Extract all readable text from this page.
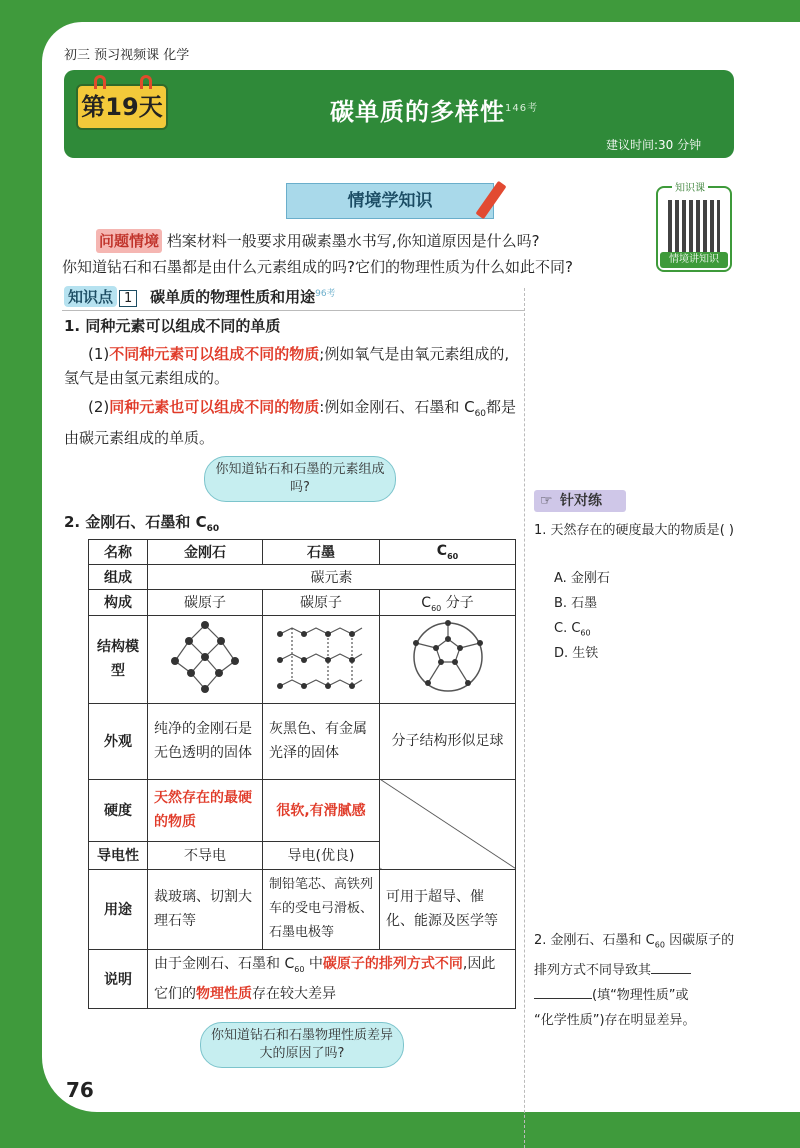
初三 预习视频课 化学
第19天	碳单质的多样性$^{146考}$
建议时间:30 分钟
情境学知识
知识课
情境讲知识
问题情境 档案材料一般要求用碳素墨水书写,你知道原因是什么吗?
你知道钻石和石墨都是由什么元素组成的吗?它们的物理性质为什么如此不同?
知识点 1 碳单质的物理性质和用途$^{96考}$
1. 同种元素可以组成不同的单质
(1)不同种元素可以组成不同的物质;例如氧气是由氧元素组成的,氢气是由氢元素组成的。
(2)同种元素也可以组成不同的物质:例如金刚石、石墨和 $C_{60}$都是由碳元素组成的单质。
你知道钻石和石墨的元素组成吗?
2. 金刚石、石墨和 $C_{60}$
名称	金刚石	石墨	$C_{60}$
组成	碳元素		
构成	碳原子	碳原子	$C_{60}$ 分子
结构模型			
外观	纯净的金刚石是无色透明的固体	灰黑色、有金属光泽的固体	分子结构形似足球
硬度	天然存在的最硬的物质	很软,有滑腻感	
导电性	不导电	导电(优良)	
用途	裁玻璃、切割大理石等	制铅笔芯、高铁列车的受电弓滑板、石墨电极等	可用于超导、催化、能源及医学等
说明	由于金刚石、石墨和 $C_{60}$ 中碳原子的排列方式不同,因此它们的物理性质存在较大差异		
你知道钻石和石墨物理性质差异大的原因了吗?
☞ 针对练
1. 天然存在的硬度最大的物质是 ( )
A. 金刚石
B. 石墨
C. $C_{60}$
D. 生铁
2. 金刚石、石墨和 $C_{60}$ 因碳原子的排列方式不同导致其
(填“物理性质”或
“化学性质”)存在明显差异。
76
